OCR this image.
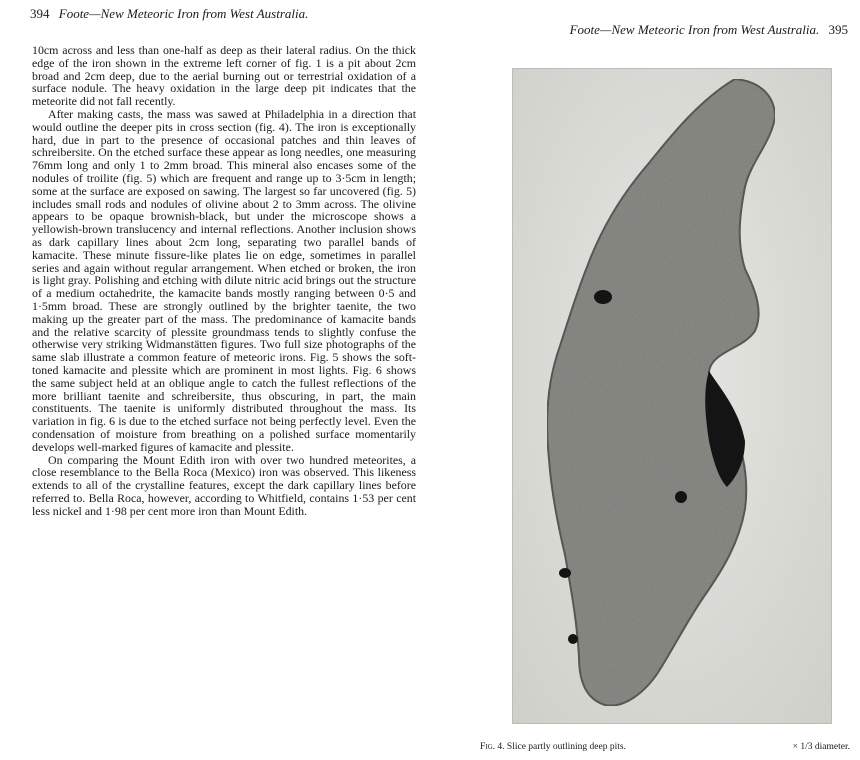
394 Foote—New Meteoric Iron from West Australia.

10cm across and less than one-half as deep as their lateral radius. On the thick edge of the iron shown in the extreme left corner of fig. 1 is a pit about 2cm broad and 2cm deep, due to the aerial burning out or terrestrial oxidation of a surface nodule. The heavy oxidation in the large deep pit indicates that the meteorite did not fall recently.

After making casts, the mass was sawed at Philadelphia in a direction that would outline the deeper pits in cross section (fig. 4). The iron is exceptionally hard, due in part to the presence of occasional patches and thin leaves of schreibersite. On the etched surface these appear as long needles, one measuring 76mm long and only 1 to 2mm broad. This mineral also encases some of the nodules of troilite (fig. 5) which are frequent and range up to 3·5cm in length; some at the surface are exposed on sawing. The largest so far uncovered (fig. 5) includes small rods and nodules of olivine about 2 to 3mm across. The olivine appears to be opaque brownish-black, but under the microscope shows a yellowish-brown translucency and internal reflections. Another inclusion shows as dark capillary lines about 2cm long, separating two parallel bands of kamacite. These minute fissure-like plates lie on edge, sometimes in parallel series and again without regular arrangement. When etched or broken, the iron is light gray. Polishing and etching with dilute nitric acid brings out the structure of a medium octahedrite, the kamacite bands mostly ranging between 0·5 and 1·5mm broad. These are strongly outlined by the brighter taenite, the two making up the greater part of the mass. The predominance of kamacite bands and the relative scarcity of plessite groundmass tends to slightly confuse the otherwise very striking Widmanstätten figures. Two full size photographs of the same slab illustrate a common feature of meteoric irons. Fig. 5 shows the soft-toned kamacite and plessite which are prominent in most lights. Fig. 6 shows the same subject held at an oblique angle to catch the fullest reflections of the more brilliant taenite and schreibersite, thus obscuring, in part, the main constituents. The taenite is uniformly distributed throughout the mass. Its variation in fig. 6 is due to the etched surface not being perfectly level. Even the condensation of moisture from breathing on a polished surface momentarily develops well-marked figures of kamacite and plessite.

On comparing the Mount Edith iron with over two hundred meteorites, a close resemblance to the Bella Roca (Mexico) iron was observed. This likeness extends to all of the crystalline features, except the dark capillary lines before referred to. Bella Roca, however, according to Whitfield, contains 1·53 per cent less nickel and 1·98 per cent more iron than Mount Edith.

Foote—New Meteoric Iron from West Australia. 395
Fig. 4. Slice partly outlining deep pits.	× 1/3 diameter.
